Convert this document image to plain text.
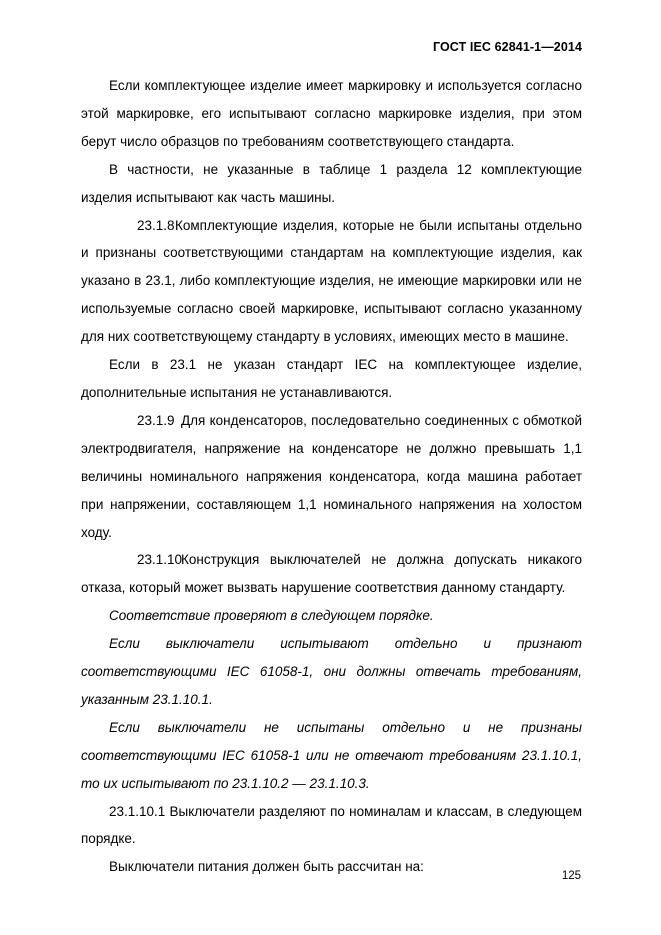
ГОСТ IEC 62841-1—2014

Если комплектующее изделие имеет маркировку и используется согласно этой маркировке, его испытывают согласно маркировке изделия, при этом берут число образцов по требованиям соответствующего стандарта.

В частности, не указанные в таблице 1 раздела 12 комплектующие изделия испытывают как часть машины.

23.1.8Комплектующие изделия, которые не были испытаны отдельно и признаны соответствующими стандартам на комплектующие изделия, как указано в 23.1, либо комплектующие изделия, не имеющие маркировки или не используемые согласно своей маркировке, испытывают согласно указанному для них соответствующему стандарту в условиях, имеющих место в машине.

Если в 23.1 не указан стандарт IEC на комплектующее изделие, дополнительные испытания не устанавливаются.

23.1.9 Для конденсаторов, последовательно соединенных с обмоткой электродвигателя, напряжение на конденсаторе не должно превышать 1,1 величины номинального напряжения конденсатора, когда машина работает при напряжении, составляющем 1,1 номинального напряжения на холостом ходу.

23.1.10Конструкция выключателей не должна допускать никакого отказа, который может вызвать нарушение соответствия данному стандарту.

Соответствие проверяют в следующем порядке.

Если выключатели испытывают отдельно и признают соответствующими IEC 61058-1, они должны отвечать требованиям, указанным 23.1.10.1.

Если выключатели не испытаны отдельно и не признаны соответствующими IEC 61058-1 или не отвечают требованиям 23.1.10.1, то их испытывают по 23.1.10.2 — 23.1.10.3.

23.1.10.1 Выключатели разделяют по номиналам и классам, в следующем порядке.

Выключатели питания должен быть рассчитан на:

125
